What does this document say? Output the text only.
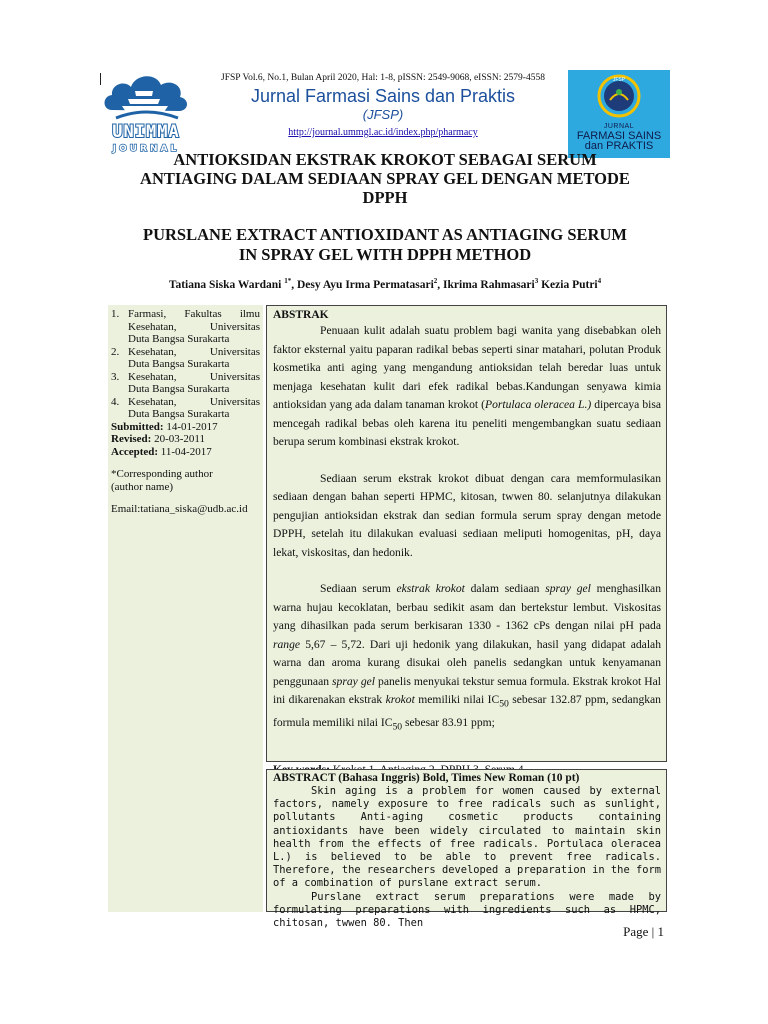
UNIMMA
JOURNAL
JFSP Vol.6, No.1, Bulan April 2020, Hal: 1-8, pISSN: 2549-9068, eISSN: 2579-4558
Jurnal Farmasi Sains dan Praktis
(JFSP)
http://journal.ummgl.ac.id/index.php/pharmacy
JFSP
JURNAL
FARMASI SAINS
dan PRAKTIS
ANTIOKSIDAN EKSTRAK KROKOT SEBAGAI SERUM
ANTIAGING DALAM SEDIAAN SPRAY GEL DENGAN METODE
DPPH
PURSLANE EXTRACT ANTIOXIDANT AS ANTIAGING SERUM
IN SPRAY GEL WITH DPPH METHOD
Tatiana Siska Wardani $^{1*}$, Desy Ayu Irma Permatasari$^2$, Ikrima Rahmasari$^3$ Kezia Putri$^4$
1. Farmasi, Fakultas ilmu
Kesehatan, Universitas
Duta Bangsa Surakarta
2. Kesehatan, Universitas
Duta Bangsa Surakarta
3. Kesehatan, Universitas
Duta Bangsa Surakarta
4. Kesehatan, Universitas
Duta Bangsa Surakarta
Submitted: 14-01-2017
Revised: 20-03-2011
Accepted: 11-04-2017
*Corresponding author
(author name)
Email:tatiana_siska@udb.ac.id
ABSTRAK

Penuaan kulit adalah suatu problem bagi wanita yang disebabkan oleh faktor eksternal yaitu paparan radikal bebas seperti sinar matahari, polutan Produk kosmetika anti aging yang mengandung antioksidan telah beredar luas untuk menjaga kesehatan kulit dari efek radikal bebas.Kandungan senyawa kimia antioksidan yang ada dalam tanaman krokot (Portulaca oleracea L.) dipercaya bisa mencegah radikal bebas oleh karena itu peneliti mengembangkan suatu sediaan berupa serum kombinasi ekstrak krokot.

Sediaan serum ekstrak krokot dibuat dengan cara memformulasikan sediaan dengan bahan seperti HPMC, kitosan, twwen 80. selanjutnya dilakukan pengujian antioksidan ekstrak dan sedian formula serum spray dengan metode DPPH, setelah itu dilakukan evaluasi sediaan meliputi homogenitas, pH, daya lekat, viskositas, dan hedonik.

Sediaan serum ekstrak krokot dalam sediaan spray gel menghasilkan warna hujau kecoklatan, berbau sedikit asam dan bertekstur lembut. Viskositas yang dihasilkan pada serum berkisaran 1330 - 1362 cPs dengan nilai pH pada range 5,67 – 5,72. Dari uji hedonik yang dilakukan, hasil yang didapat adalah warna dan aroma kurang disukai oleh panelis sedangkan untuk kenyamanan penggunaan spray gel panelis menyukai tekstur semua formula. Ekstrak krokot Hal ini dikarenakan ekstrak krokot memiliki nilai $IC_{50}$ sebesar 132.87 ppm, sedangkan formula memiliki nilai $IC_{50}$ sebesar 83.91 ppm;

ABSTRACT (Bahasa Inggris) Bold, Times New Roman (10 pt)

Skin aging is a problem for women caused by external factors, namely exposure to free radicals such as sunlight, pollutants Anti-aging cosmetic products containing antioxidants have been widely circulated to maintain skin health from the effects of free radicals. Portulaca oleracea L.) is believed to be able to prevent free radicals. Therefore, the researchers developed a preparation in the form of a combination of purslane extract serum.

Purslane extract serum preparations were made by formulating preparations with ingredients such as HPMC, chitosan, twwen 80. Then

Page | 1
